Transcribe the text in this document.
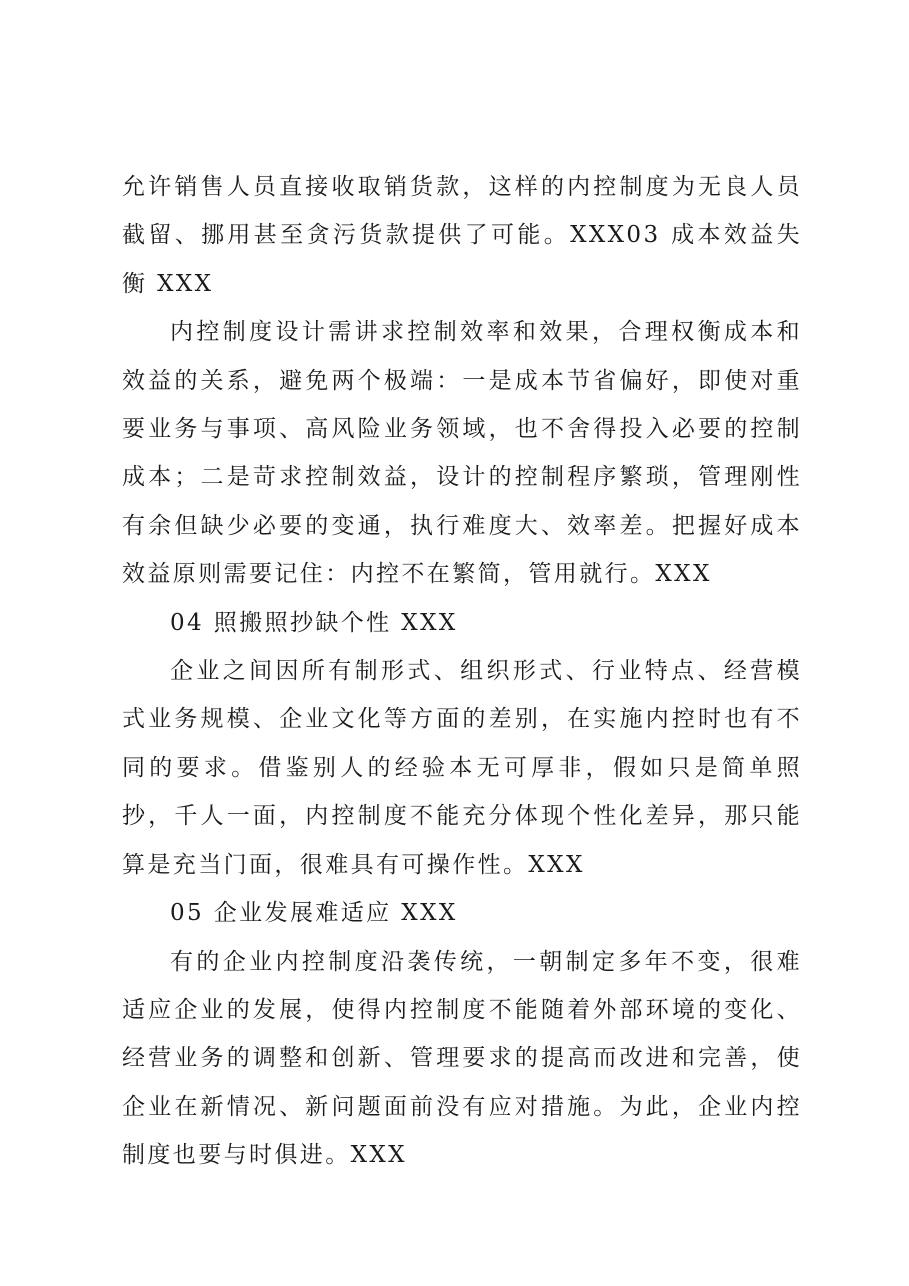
允许销售人员直接收取销货款，这样的内控制度为无良人员截留、挪用甚至贪污货款提供了可能。XXX03 成本效益失衡 XXX

内控制度设计需讲求控制效率和效果，合理权衡成本和效益的关系，避免两个极端：一是成本节省偏好，即使对重要业务与事项、高风险业务领域，也不舍得投入必要的控制成本；二是苛求控制效益，设计的控制程序繁琐，管理刚性有余但缺少必要的变通，执行难度大、效率差。把握好成本效益原则需要记住：内控不在繁简，管用就行。XXX

04 照搬照抄缺个性 XXX

企业之间因所有制形式、组织形式、行业特点、经营模式业务规模、企业文化等方面的差别，在实施内控时也有不同的要求。借鉴别人的经验本无可厚非，假如只是简单照抄，千人一面，内控制度不能充分体现个性化差异，那只能算是充当门面，很难具有可操作性。XXX

05 企业发展难适应 XXX

有的企业内控制度沿袭传统，一朝制定多年不变，很难适应企业的发展，使得内控制度不能随着外部环境的变化、经营业务的调整和创新、管理要求的提高而改进和完善，使企业在新情况、新问题面前没有应对措施。为此，企业内控制度也要与时俱进。XXX
